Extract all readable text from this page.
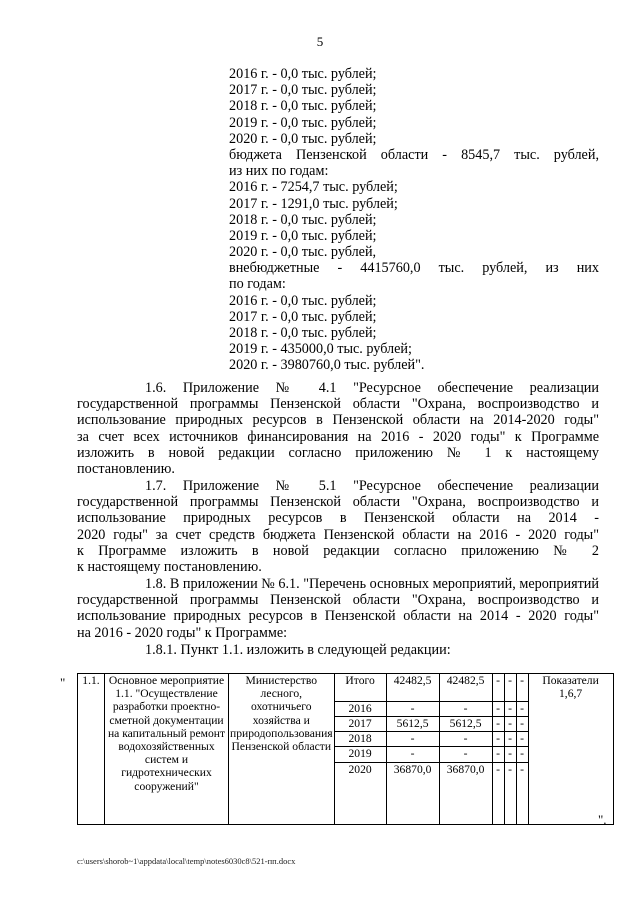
5
2016 г. - 0,0 тыс. рублей;
2017 г. - 0,0 тыс. рублей;
2018 г. - 0,0 тыс. рублей;
2019 г. - 0,0 тыс. рублей;
2020 г. - 0,0 тыс. рублей;
бюджета Пензенской области - 8545,7 тыс. рублей,
из них по годам:
2016 г. - 7254,7 тыс. рублей;
2017 г. - 1291,0 тыс. рублей;
2018 г. - 0,0 тыс. рублей;
2019 г. - 0,0 тыс. рублей;
2020 г. - 0,0 тыс. рублей,
внебюджетные - 4415760,0 тыс. рублей, из них
по годам:
2016 г. - 0,0 тыс. рублей;
2017 г. - 0,0 тыс. рублей;
2018 г. - 0,0 тыс. рублей;
2019 г. - 435000,0 тыс. рублей;
2020 г. - 3980760,0 тыс. рублей".
1.6. Приложение № 4.1 "Ресурсное обеспечение реализации
государственной программы Пензенской области "Охрана, воспроизводство и
использование природных ресурсов в Пензенской области на 2014-2020 годы"
за счет всех источников финансирования на 2016 - 2020 годы" к Программе
изложить в новой редакции согласно приложению № 1 к настоящему
постановлению.
1.7. Приложение № 5.1 "Ресурсное обеспечение реализации
государственной программы Пензенской области "Охрана, воспроизводство и
использование природных ресурсов в Пензенской области на 2014 -
2020 годы" за счет средств бюджета Пензенской области на 2016 - 2020 годы"
к Программе изложить в новой редакции согласно приложению № 2
к настоящему постановлению.
1.8. В приложении № 6.1. "Перечень основных мероприятий, мероприятий
государственной программы Пензенской области "Охрана, воспроизводство и
использование природных ресурсов в Пензенской области на 2014 - 2020 годы"
на 2016 - 2020 годы" к Программе:
1.8.1. Пункт 1.1. изложить в следующей редакции:
" 1.1.	Основное мероприятие 1.1. "Осуществление разработки проектно-сметной документации на капитальный ремонт водохозяйственных систем и гидротехнических сооружений"	Министерство лесного, охотничьего хозяйства и природопользования Пензенской области	Итого	42482,5	42482,5	-	-	-	Показатели 1,6,7
			2016	-	-	-	-	-	
			2017	5612,5	5612,5	-	-	-	
			2018	-	-	-	-	-	
			2019	-	-	-	-	-	
			2020	36870,0	36870,0	-	-	-	
".
c:\users\shorob~1\appdata\local\temp\notes6030c8\521-пп.docx
